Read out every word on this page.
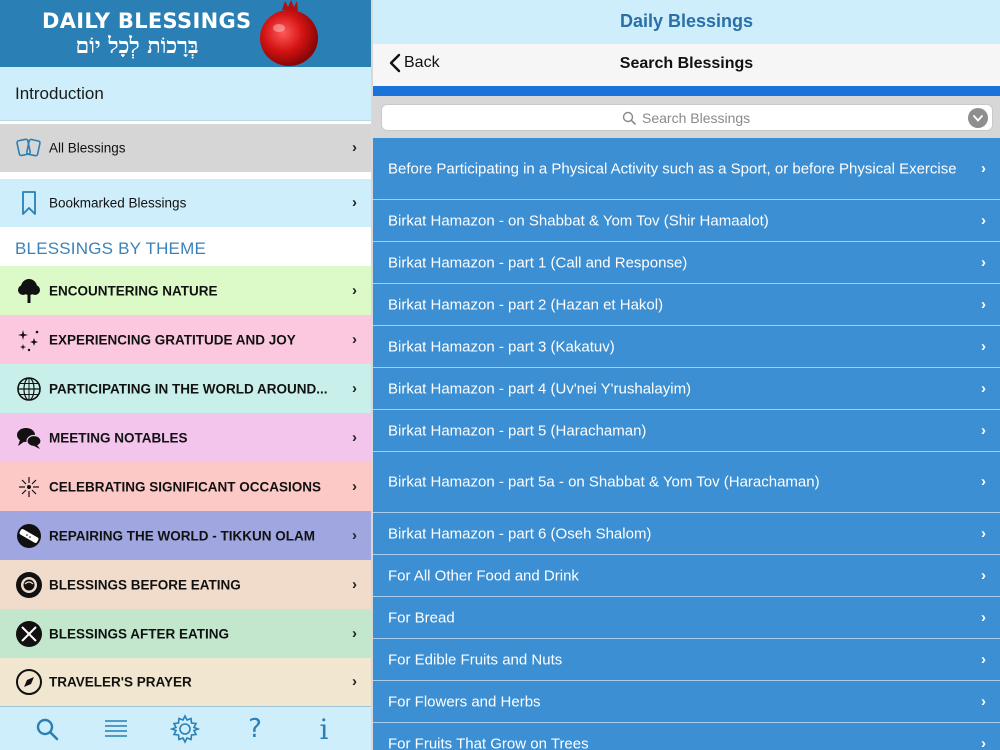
DAILY BLESSINGS
בְּרָכוֹת לְכָל יוֹם
Introduction
All Blessings	›
Bookmarked Blessings	›
BLESSINGS BY THEME
ENCOUNTERING NATURE	›
EXPERIENCING GRATITUDE AND JOY	›
PARTICIPATING IN THE WORLD AROUND... ›
MEETING NOTABLES	›
CELEBRATING SIGNIFICANT OCCASIONS ›
REPAIRING THE WORLD - TIKKUN OLAM ›
BLESSINGS BEFORE EATING	›
BLESSINGS AFTER EATING	›
TRAVELER'S PRAYER	›
? i
Daily Blessings
Back	Search Blessings
Search Blessings
Before Participating in a Physical Activity such as a Sport, or before Physical Exercise ›
Birkat Hamazon - on Shabbat & Yom Tov (Shir Hamaalot)	›
Birkat Hamazon - part 1 (Call and Response)	›
Birkat Hamazon - part 2 (Hazan et Hakol)	›
Birkat Hamazon - part 3 (Kakatuv)	›
Birkat Hamazon - part 4 (Uv'nei Y'rushalayim)	›
Birkat Hamazon - part 5 (Harachaman)	›
Birkat Hamazon - part 5a - on Shabbat & Yom Tov (Harachaman)	›
Birkat Hamazon - part 6 (Oseh Shalom)	›
For All Other Food and Drink	›
For Bread	›
For Edible Fruits and Nuts	›
For Flowers and Herbs	›
For Fruits That Grow on Trees	›
